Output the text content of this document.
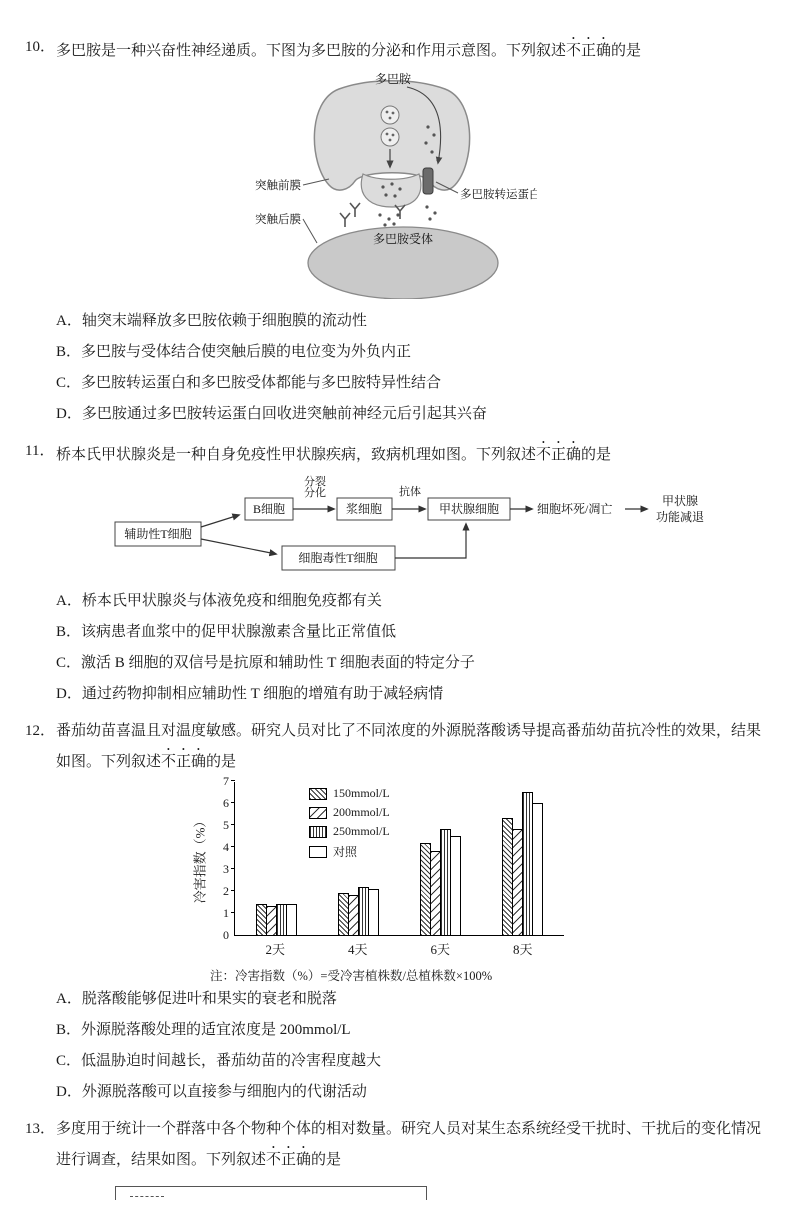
10． 多巴胺是一种兴奋性神经递质。下图为多巴胺的分泌和作用示意图。下列叙述不正确的是
多巴胺
突触前膜
突触后膜
多巴胺转运蛋白
多巴胺受体
A．轴突末端释放多巴胺依赖于细胞膜的流动性
B．多巴胺与受体结合使突触后膜的电位变为外负内正
C．多巴胺转运蛋白和多巴胺受体都能与多巴胺特异性结合
D．多巴胺通过多巴胺转运蛋白回收进突触前神经元后引起其兴奋
11． 桥本氏甲状腺炎是一种自身免疫性甲状腺疾病，致病机理如图。下列叙述不正确的是
B细胞	浆细胞	甲状腺细胞
辅助性T细胞
细胞毒性T细胞
分裂
分化	抗体
细胞坏死/凋亡
甲状腺
功能减退
A．桥本氏甲状腺炎与体液免疫和细胞免疫都有关
B．该病患者血浆中的促甲状腺激素含量比正常值低
C．激活 B 细胞的双信号是抗原和辅助性 T 细胞表面的特定分子
D．通过药物抑制相应辅助性 T 细胞的增殖有助于减轻病情
12． 番茄幼苗喜温且对温度敏感。研究人员对比了不同浓度的外源脱落酸诱导提高番茄幼苗抗冷性的效果，结果如图。下列叙述不正确的是
冷害指数（%）
150mmol/L
200mmol/L
250mmol/L
对照
0
1
2
3
4
5
6
7
2天	4天	6天	8天
注：冷害指数（%）=受冷害植株数/总植株数×100%
A．脱落酸能够促进叶和果实的衰老和脱落
B．外源脱落酸处理的适宜浓度是 200mmol/L
C．低温胁迫时间越长，番茄幼苗的冷害程度越大
D．外源脱落酸可以直接参与细胞内的代谢活动
13． 多度用于统计一个群落中各个物种个体的相对数量。研究人员对某生态系统经受干扰时、干扰后的变化情况进行调查，结果如图。下列叙述不正确的是
